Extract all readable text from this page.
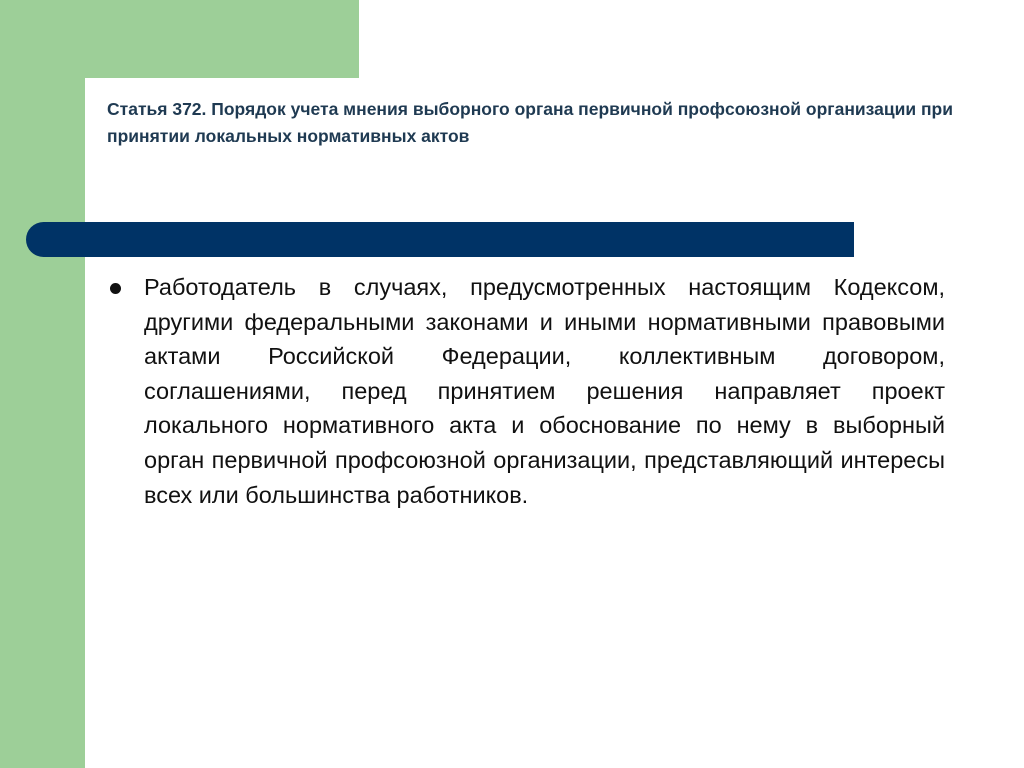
Статья 372. Порядок учета мнения выборного органа первичной профсоюзной организации при принятии локальных нормативных актов
Работодатель в случаях, предусмотренных настоящим Кодексом, другими федеральными законами и иными нормативными правовыми актами Российской Федерации, коллективным договором, соглашениями, перед принятием решения направляет проект локального нормативного акта и обоснование по нему в выборный орган первичной профсоюзной организации, представляющий интересы всех или большинства работников.
